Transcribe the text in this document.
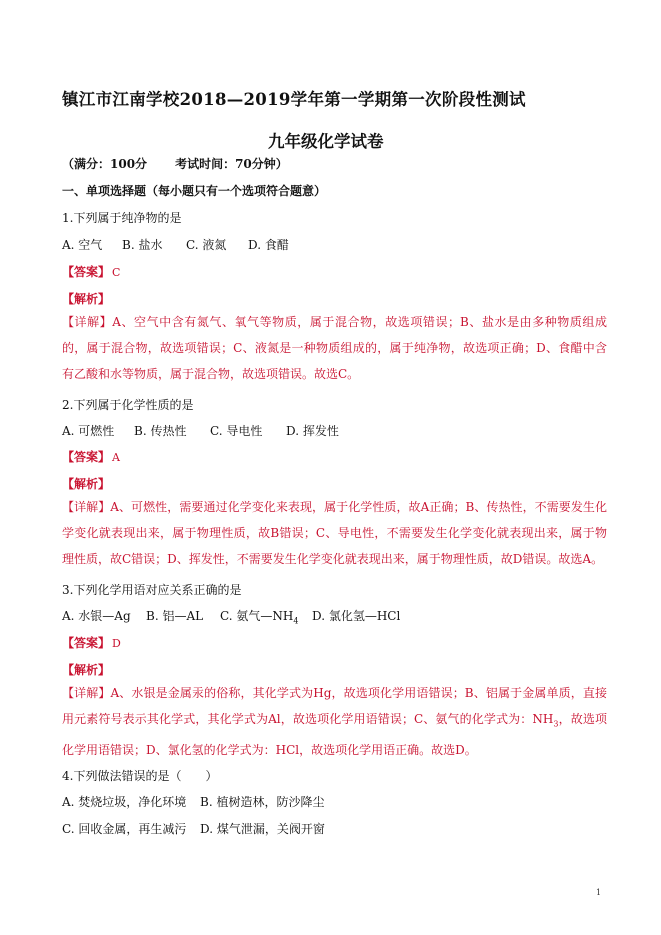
镇江市江南学校2018—2019学年第一学期第一次阶段性测试
九年级化学试卷
（满分：100分 考试时间：70分钟）
一、单项选择题（每小题只有一个选项符合题意）
1.下列属于纯净物的是
A. 空气 B. 盐水 C. 液氮 D. 食醋
【答案】 C
【解析】
【详解】A、空气中含有氮气、氧气等物质，属于混合物，故选项错误；B、盐水是由多种物质组成的，属于混合物，故选项错误；C、液氮是一种物质组成的，属于纯净物，故选项正确；D、食醋中含有乙酸和水等物质，属于混合物，故选项错误。故选C。
2.下列属于化学性质的是
A. 可燃性 B. 传热性 C. 导电性 D. 挥发性
【答案】 A
【解析】
【详解】A、可燃性，需要通过化学变化来表现，属于化学性质，故A正确；B、传热性，不需要发生化学变化就表现出来，属于物理性质，故B错误；C、导电性，不需要发生化学变化就表现出来，属于物理性质，故C错误；D、挥发性，不需要发生化学变化就表现出来，属于物理性质，故D错误。故选A。
3.下列化学用语对应关系正确的是
A. 水银—Ag B. 铝—AL C. 氨气$—NH_4$ D. 氯化氢—HCl
【答案】 D
【解析】
【详解】A、水银是金属汞的俗称，其化学式为Hg，故选项化学用语错误；B、铝属于金属单质，直接用元素符号表示其化学式，其化学式为Al，故选项化学用语错误；C、氨气的化学式为：$NH_3$，故选项化学用语错误；D、氯化氢的化学式为：HCl，故选项化学用语正确。故选D。
4.下列做法错误的是（　　）
A. 焚烧垃圾，净化环境 B. 植树造林，防沙降尘
C. 回收金属，再生减污 D. 煤气泄漏，关阀开窗
1
